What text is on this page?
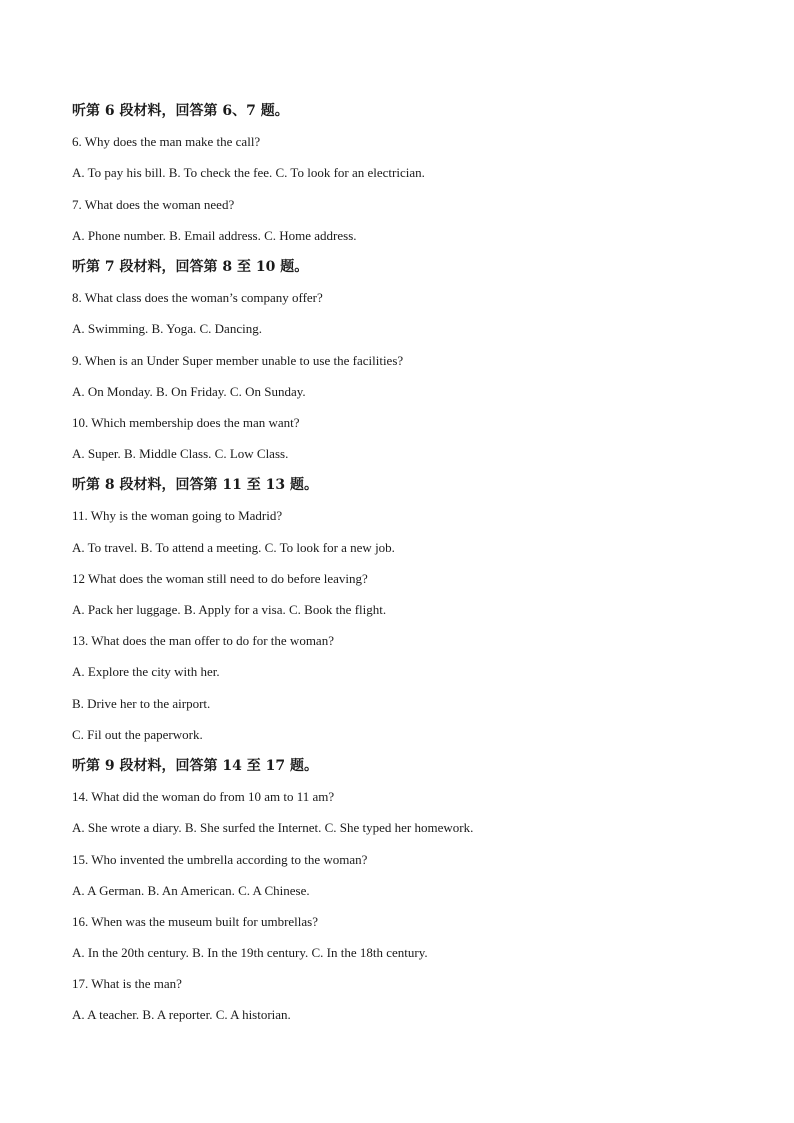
听第 6 段材料，回答第 6、7 题。
6. Why does the man make the call?
A. To pay his bill. B. To check the fee. C. To look for an electrician.
7. What does the woman need?
A. Phone number. B. Email address. C. Home address.
听第 7 段材料，回答第 8 至 10 题。
8. What class does the woman’s company offer?
A. Swimming. B. Yoga. C. Dancing.
9. When is an Under Super member unable to use the facilities?
A. On Monday. B. On Friday. C. On Sunday.
10. Which membership does the man want?
A. Super. B. Middle Class. C. Low Class.
听第 8 段材料，回答第 11 至 13 题。
11. Why is the woman going to Madrid?
A. To travel. B. To attend a meeting. C. To look for a new job.
12 What does the woman still need to do before leaving?
A. Pack her luggage. B. Apply for a visa. C. Book the flight.
13. What does the man offer to do for the woman?
A. Explore the city with her.
B. Drive her to the airport.
C. Fil out the paperwork.
听第 9 段材料，回答第 14 至 17 题。
14. What did the woman do from 10 am to 11 am?
A. She wrote a diary. B. She surfed the Internet. C. She typed her homework.
15. Who invented the umbrella according to the woman?
A. A German. B. An American. C. A Chinese.
16. When was the museum built for umbrellas?
A. In the 20th century. B. In the 19th century. C. In the 18th century.
17. What is the man?
A. A teacher. B. A reporter. C. A historian.
